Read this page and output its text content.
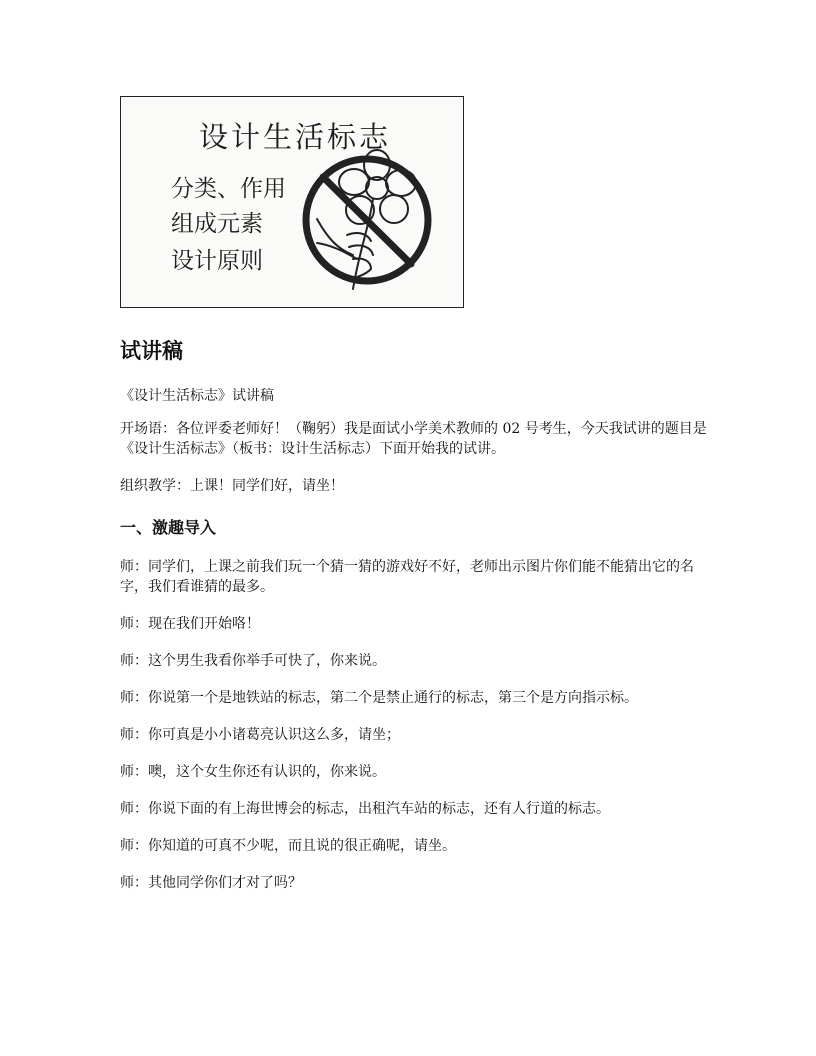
设计生活标志
分类、作用
组成元素
设计原则
试讲稿

《设计生活标志》试讲稿

开场语：各位评委老师好！（鞠躬）我是面试小学美术教师的 02 号考生，今天我试讲的题目是《设计生活标志》（板书：设计生活标志）下面开始我的试讲。

组织教学：上课！同学们好，请坐！

一、激趣导入

师：同学们，上课之前我们玩一个猜一猜的游戏好不好，老师出示图片你们能不能猜出它的名字，我们看谁猜的最多。

师：现在我们开始咯！

师：这个男生我看你举手可快了，你来说。

师：你说第一个是地铁站的标志，第二个是禁止通行的标志，第三个是方向指示标。

师：你可真是小小诸葛亮认识这么多，请坐；

师：噢，这个女生你还有认识的，你来说。

师：你说下面的有上海世博会的标志，出租汽车站的标志，还有人行道的标志。

师：你知道的可真不少呢，而且说的很正确呢，请坐。

师：其他同学你们才对了吗？
